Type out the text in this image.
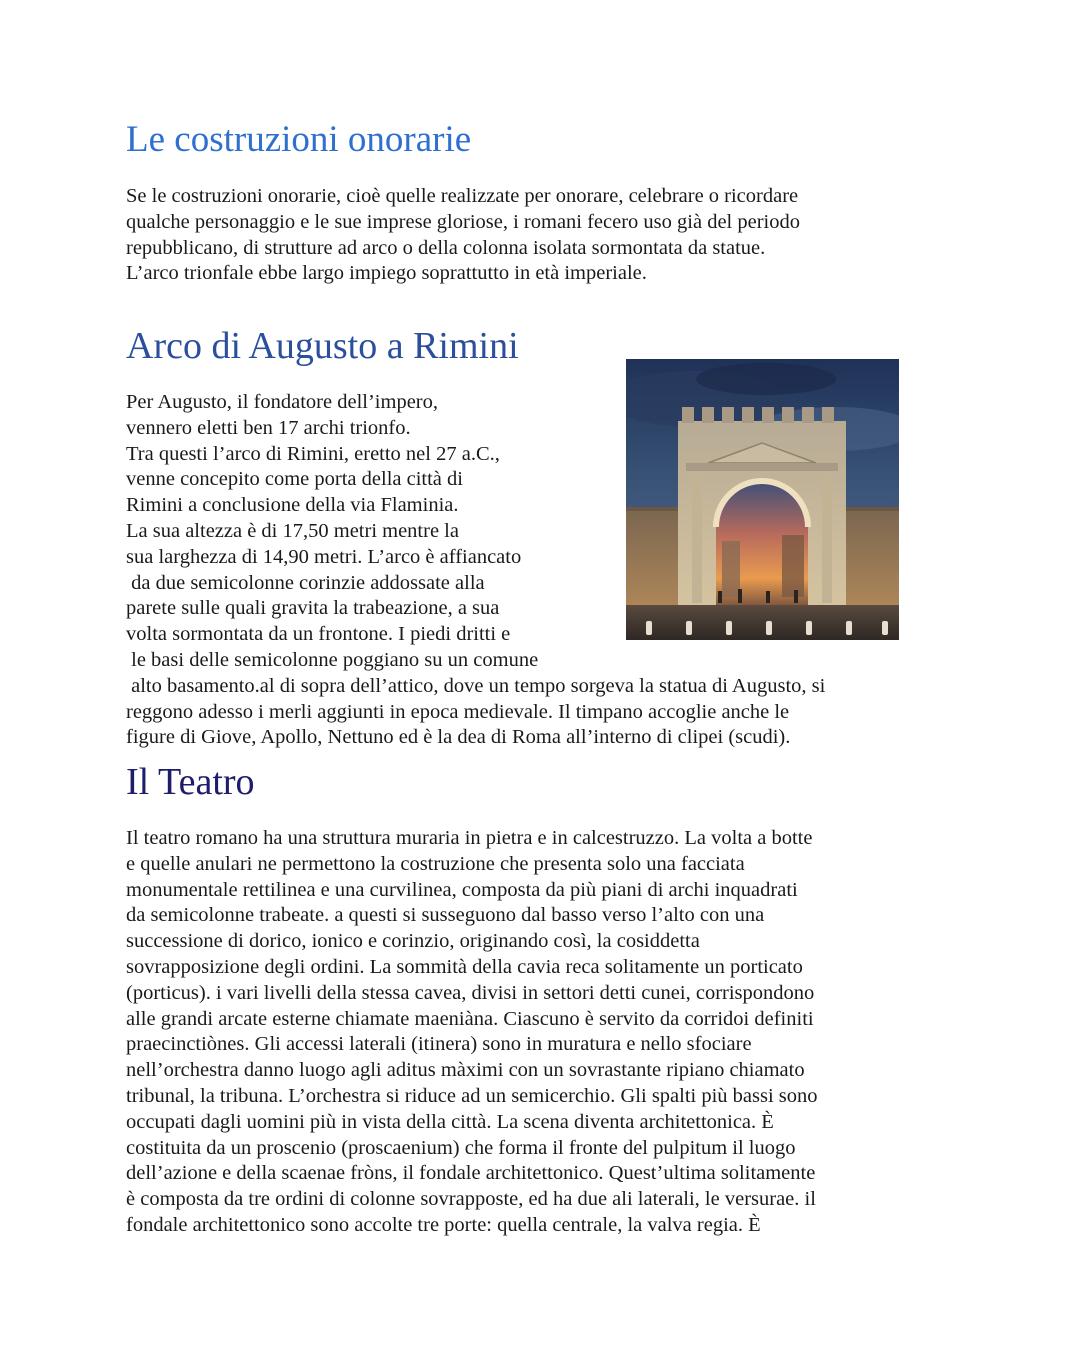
Le costruzioni onorarie
Se le costruzioni onorarie, cioè quelle realizzate per onorare, celebrare o ricordare
qualche personaggio e le sue imprese gloriose, i romani fecero uso già del periodo
repubblicano, di strutture ad arco o della colonna isolata sormontata da statue.
L’arco trionfale ebbe largo impiego soprattutto in età imperiale.
Arco di Augusto a Rimini
Per Augusto, il fondatore dell’impero,
vennero eletti ben 17 archi trionfo.
Tra questi l’arco di Rimini, eretto nel 27 a.C.,
venne concepito come porta della città di
Rimini a conclusione della via Flaminia.
La sua altezza è di 17,50 metri mentre la
sua larghezza di 14,90 metri. L’arco è affiancato
da due semicolonne corinzie addossate alla
parete sulle quali gravita la trabeazione, a sua
volta sormontata da un frontone. I piedi dritti e
le basi delle semicolonne poggiano su un comune
alto basamento.al di sopra dell’attico, dove un tempo sorgeva la statua di Augusto, si
reggono adesso i merli aggiunti in epoca medievale. Il timpano accoglie anche le
figure di Giove, Apollo, Nettuno ed è la dea di Roma all’interno di clipei (scudi).
Il Teatro
Il teatro romano ha una struttura muraria in pietra e in calcestruzzo. La volta a botte
e quelle anulari ne permettono la costruzione che presenta solo una facciata
monumentale rettilinea e una curvilinea, composta da più piani di archi inquadrati
da semicolonne trabeate. a questi si susseguono dal basso verso l’alto con una
successione di dorico, ionico e corinzio, originando così, la cosiddetta
sovrapposizione degli ordini. La sommità della cavia reca solitamente un porticato
(porticus). i vari livelli della stessa cavea, divisi in settori detti cunei, corrispondono
alle grandi arcate esterne chiamate maeniàna. Ciascuno è servito da corridoi definiti
praecinctiònes. Gli accessi laterali (itinera) sono in muratura e nello sfociare
nell’orchestra danno luogo agli aditus màximi con un sovrastante ripiano chiamato
tribunal, la tribuna. L’orchestra si riduce ad un semicerchio. Gli spalti più bassi sono
occupati dagli uomini più in vista della città. La scena diventa architettonica. È
costituita da un proscenio (proscaenium) che forma il fronte del pulpitum il luogo
dell’azione e della scaenae fròns, il fondale architettonico. Quest’ultima solitamente
è composta da tre ordini di colonne sovrapposte, ed ha due ali laterali, le versurae. il
fondale architettonico sono accolte tre porte: quella centrale, la valva regia. È
